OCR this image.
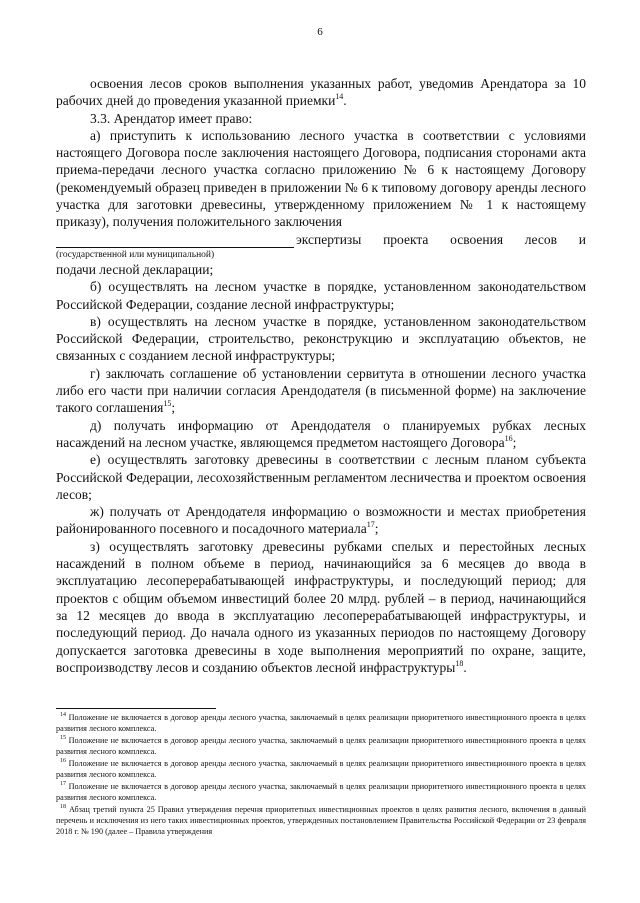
6

освоения лесов сроков выполнения указанных работ, уведомив Арендатора за 10 рабочих дней до проведения указанной приемки$^{14}$.

3.3. Арендатор имеет право:

а) приступить к использованию лесного участка в соответствии с условиями настоящего Договора после заключения настоящего Договора, подписания сторонами акта приема-передачи лесного участка согласно приложению № 6 к настоящему Договору (рекомендуемый образец приведен в приложении № 6 к типовому договору аренды лесного участка для заготовки древесины, утвержденному приложением № 1 к настоящему приказу), получения положительного заключения

экспертизы проекта освоения лесов и
(государственной или муниципальной)

подачи лесной декларации;

б) осуществлять на лесном участке в порядке, установленном законодательством Российской Федерации, создание лесной инфраструктуры;

в) осуществлять на лесном участке в порядке, установленном законодательством Российской Федерации, строительство, реконструкцию и эксплуатацию объектов, не связанных с созданием лесной инфраструктуры;

г) заключать соглашение об установлении сервитута в отношении лесного участка либо его части при наличии согласия Арендодателя (в письменной форме) на заключение такого соглашения$^{15}$;

д) получать информацию от Арендодателя о планируемых рубках лесных насаждений на лесном участке, являющемся предметом настоящего Договора$^{16}$;

е) осуществлять заготовку древесины в соответствии с лесным планом субъекта Российской Федерации, лесохозяйственным регламентом лесничества и проектом освоения лесов;

ж) получать от Арендодателя информацию о возможности и местах приобретения районированного посевного и посадочного материала$^{17}$;

з) осуществлять заготовку древесины рубками спелых и перестойных лесных насаждений в полном объеме в период, начинающийся за 6 месяцев до ввода в эксплуатацию лесоперерабатывающей инфраструктуры, и последующий период; для проектов с общим объемом инвестиций более 20 млрд. рублей – в период, начинающийся за 12 месяцев до ввода в эксплуатацию лесоперерабатывающей инфраструктуры, и последующий период. До начала одного из указанных периодов по настоящему Договору допускается заготовка древесины в ходе выполнения мероприятий по охране, защите, воспроизводству лесов и созданию объектов лесной инфраструктуры$^{18}$.

$^{14}$ Положение не включается в договор аренды лесного участка, заключаемый в целях реализации приоритетного инвестиционного проекта в целях развития лесного комплекса.

$^{15}$ Положение не включается в договор аренды лесного участка, заключаемый в целях реализации приоритетного инвестиционного проекта в целях развития лесного комплекса.

$^{16}$ Положение не включается в договор аренды лесного участка, заключаемый в целях реализации приоритетного инвестиционного проекта в целях развития лесного комплекса.

$^{17}$ Положение не включается в договор аренды лесного участка, заключаемый в целях реализации приоритетного инвестиционного проекта в целях развития лесного комплекса.

$^{18}$ Абзац третий пункта 25 Правил утверждения перечня приоритетных инвестиционных проектов в целях развития лесного, включения в данный перечень и исключения из него таких инвестиционных проектов, утвержденных постановлением Правительства Российской Федерации от 23 февраля 2018 г. № 190 (далее – Правила утверждения
